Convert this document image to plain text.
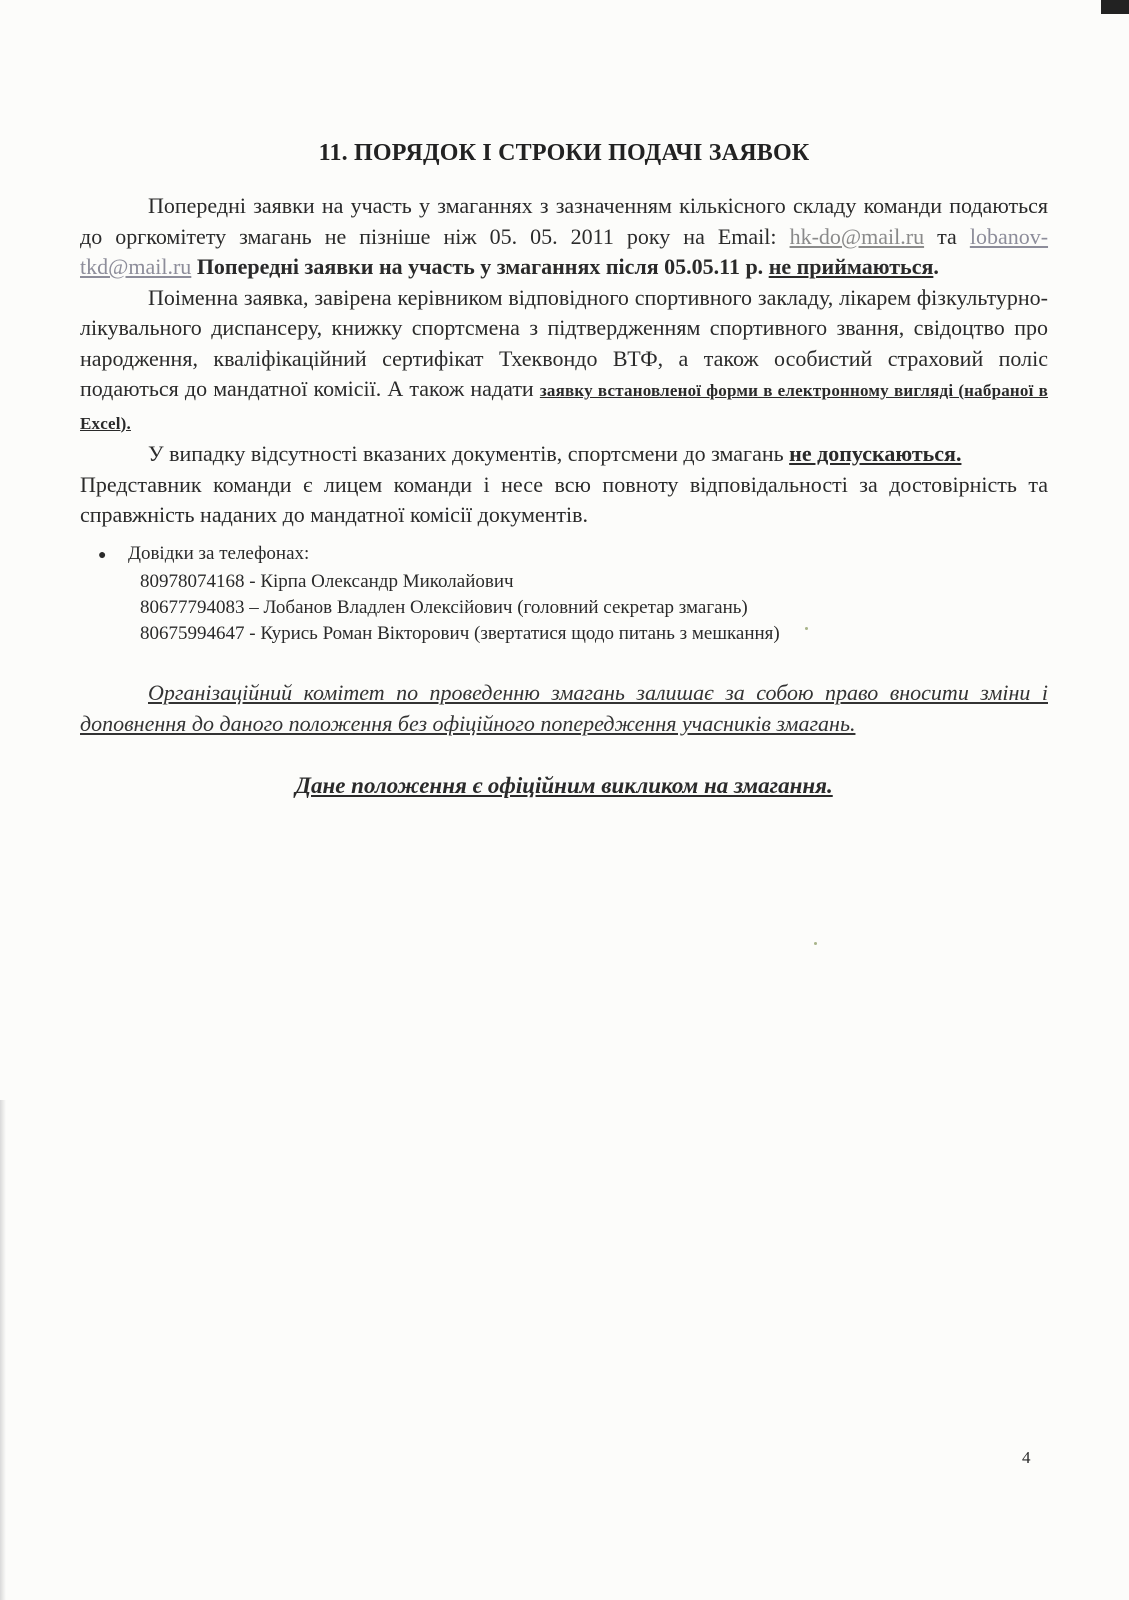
11. ПОРЯДОК І СТРОКИ ПОДАЧІ ЗАЯВОК

Попередні заявки на участь у змаганнях з зазначенням кількісного складу команди подаються до оргкомітету змагань не пізніше ніж 05. 05. 2011 року на Email: hk-do@mail.ru та lobanov-tkd@mail.ru Попередні заявки на участь у змаганнях після 05.05.11 р. не приймаються.

Поіменна заявка, завірена керівником відповідного спортивного закладу, лікарем фізкультурно-лікувального диспансеру, книжку спортсмена з підтвердженням спортивного звання, свідоцтво про народження, кваліфікаційний сертифікат Тхеквондо ВТФ, а також особистий страховий поліс подаються до мандатної комісії. А також надати заявку встановленої форми в електронному вигляді (набраної в Excel).

У випадку відсутності вказаних документів, спортсмени до змагань не допускаються.

Представник команди є лицем команди і несе всю повноту відповідальності за достовірність та справжність наданих до мандатної комісії документів.

●	Довідки за телефонах:
80978074168 - Кірпа Олександр Миколайович
80677794083 – Лобанов Владлен Олексійович (головний секретар змагань)
80675994647 - Курись Роман Вікторович (звертатися щодо питань з мешкання)

Організаційний комітет по проведенню змагань залишає за собою право вносити зміни і доповнення до даного положення без офіційного попередження учасників змагань.

Дане положення є офіційним викликом на змагання.
4
